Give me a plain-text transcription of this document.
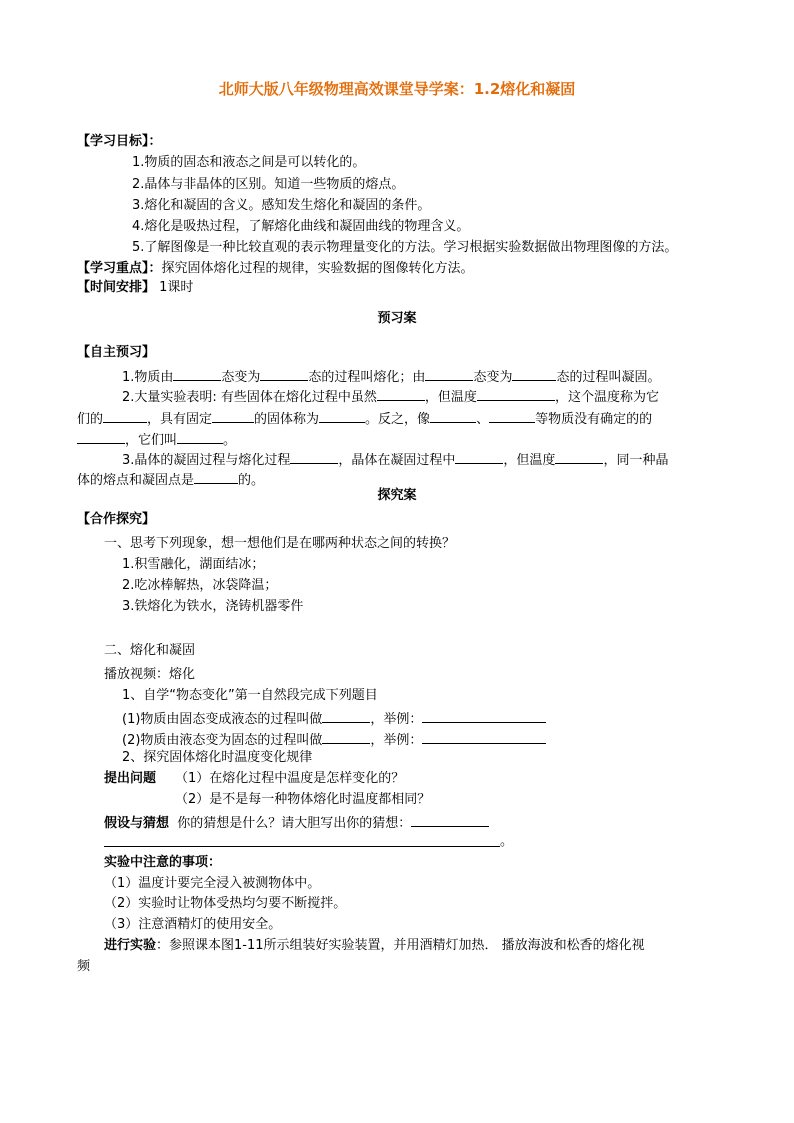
北师大版八年级物理高效课堂导学案：1.2熔化和凝固
【学习目标】：
1.物质的固态和液态之间是可以转化的。
2.晶体与非晶体的区别。知道一些物质的熔点。
3.熔化和凝固的含义。感知发生熔化和凝固的条件。
4.熔化是吸热过程，了解熔化曲线和凝固曲线的物理含义。
5.了解图像是一种比较直观的表示物理量变化的方法。学习根据实验数据做出物理图像的方法。
【学习重点】：探究固体熔化过程的规律，实验数据的图像转化方法。
【时间安排】 1课时
预习案
【自主预习】
1.物质由	态变为	态的过程叫熔化；由	态变为	态的过程叫凝固。
2.大量实验表明: 有些固体在熔化过程中虽然	，但温度	，这个温度称为它
们的	，具有固定	的固体称为	。反之，像	、	等物质没有确定的的
，它们叫	。
3.晶体的凝固过程与熔化过程	，晶体在凝固过程中	，但温度	，同一种晶
体的熔点和凝固点是	的。
探究案
【合作探究】
一、思考下列现象，想一想他们是在哪两种状态之间的转换？
1.积雪融化，湖面结冰；
2.吃冰棒解热，冰袋降温；
3.铁熔化为铁水，浇铸机器零件
二、熔化和凝固
播放视频：熔化
1、自学“物态变化”第一自然段完成下列题目
(1)物质由固态变成液态的过程叫做	，举例：
(2)物质由液态变为固态的过程叫做	，举例：
2、探究固体熔化时温度变化规律
提出问题 （1）在熔化过程中温度是怎样变化的？
（2）是不是每一种物体熔化时温度都相同？
假设与猜想 你的猜想是什么？请大胆写出你的猜想：
。
实验中注意的事项：
（1）温度计要完全浸入被测物体中。
（2）实验时让物体受热均匀要不断搅拌。
（3）注意酒精灯的使用安全。
进行实验：参照课本图1-11所示组装好实验装置，并用酒精灯加热． 播放海波和松香的熔化视
频
